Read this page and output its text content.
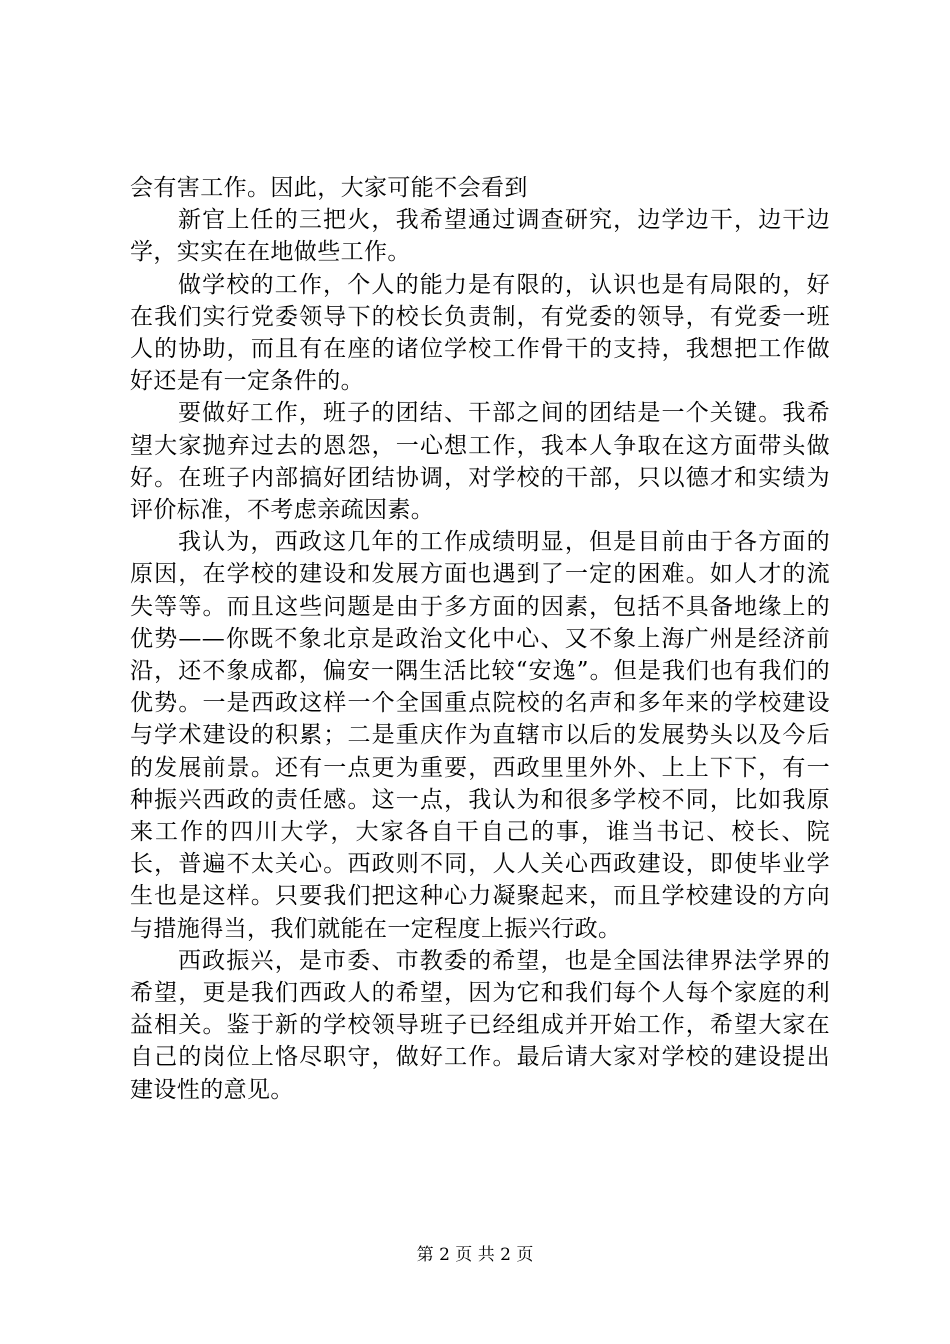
会有害工作。因此，大家可能不会看到

新官上任的三把火，我希望通过调查研究，边学边干，边干边学，实实在在地做些工作。

做学校的工作，个人的能力是有限的，认识也是有局限的，好在我们实行党委领导下的校长负责制，有党委的领导，有党委一班人的协助，而且有在座的诸位学校工作骨干的支持，我想把工作做好还是有一定条件的。

要做好工作，班子的团结、干部之间的团结是一个关键。我希望大家抛弃过去的恩怨，一心想工作，我本人争取在这方面带头做好。在班子内部搞好团结协调，对学校的干部，只以德才和实绩为评价标准，不考虑亲疏因素。

我认为，西政这几年的工作成绩明显，但是目前由于各方面的原因，在学校的建设和发展方面也遇到了一定的困难。如人才的流失等等。而且这些问题是由于多方面的因素，包括不具备地缘上的优势——你既不象北京是政治文化中心、又不象上海广州是经济前沿，还不象成都，偏安一隅生活比较“安逸”。但是我们也有我们的优势。一是西政这样一个全国重点院校的名声和多年来的学校建设与学术建设的积累；二是重庆作为直辖市以后的发展势头以及今后的发展前景。还有一点更为重要，西政里里外外、上上下下，有一种振兴西政的责任感。这一点，我认为和很多学校不同，比如我原来工作的四川大学，大家各自干自己的事，谁当书记、校长、院长，普遍不太关心。西政则不同，人人关心西政建设，即使毕业学生也是这样。只要我们把这种心力凝聚起来，而且学校建设的方向与措施得当，我们就能在一定程度上振兴行政。

西政振兴，是市委、市教委的希望，也是全国法律界法学界的希望，更是我们西政人的希望，因为它和我们每个人每个家庭的利益相关。鉴于新的学校领导班子已经组成并开始工作，希望大家在自己的岗位上恪尽职守，做好工作。最后请大家对学校的建设提出建设性的意见。

第 2 页 共 2 页
